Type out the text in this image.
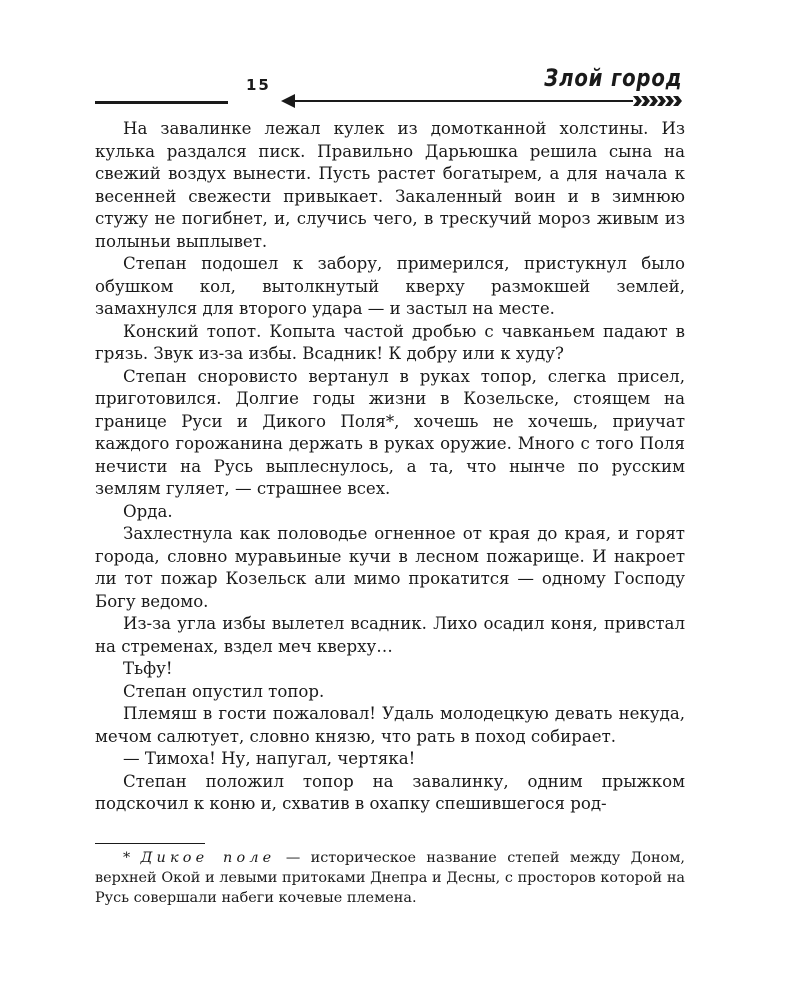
15	Злой город

На завалинке лежал кулек из домотканной холстины. Из кулька раздался писк. Правильно Дарьюшка решила сына на свежий воздух вынести. Пусть растет богатырем, а для начала к весенней свежести привыкает. Закаленный воин и в зимнюю стужу не погибнет, и, случись чего, в трескучий мороз живым из полыньи выплывет.

Степан подошел к забору, примерился, пристукнул было обушком кол, вытолкнутый кверху размокшей землей, замахнулся для второго удара — и застыл на месте.

Конский топот. Копыта частой дробью с чавканьем падают в грязь. Звук из-за избы. Всадник! К добру или к худу?

Степан сноровисто вертанул в руках топор, слегка присел, приготовился. Долгие годы жизни в Козельске, стоящем на границе Руси и Дикого Поля*, хочешь не хочешь, приучат каждого горожанина держать в руках оружие. Много с того Поля нечисти на Русь выплеснулось, а та, что нынче по русским землям гуляет, — страшнее всех.

Орда.

Захлестнула как половодье огненное от края до края, и горят города, словно муравьиные кучи в лесном пожарище. И накроет ли тот пожар Козельск али мимо прокатится — одному Господу Богу ведомо.

Из-за угла избы вылетел всадник. Лихо осадил коня, привстал на стременах, вздел меч кверху…

Тьфу!

Степан опустил топор.

Племяш в гости пожаловал! Удаль молодецкую девать некуда, мечом салютует, словно князю, что рать в поход собирает.

— Тимоха! Ну, напугал, чертяка!

Степан положил топор на завалинку, одним прыжком подскочил к коню и, схватив в охапку спешившегося род-

* Дикое поле — историческое название степей между Доном, верхней Окой и левыми притоками Днепра и Десны, с просторов которой на Русь совершали набеги кочевые племена.
